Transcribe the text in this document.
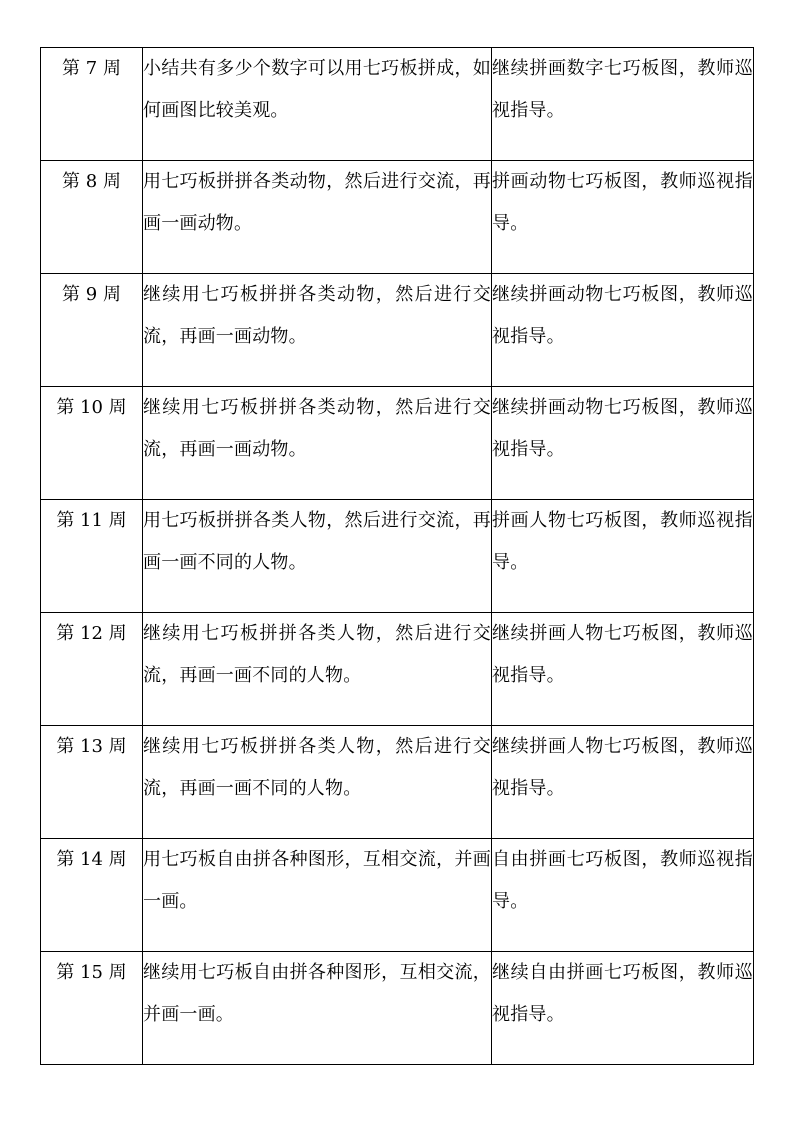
第 7 周	小结共有多少个数字可以用七巧板拼成，如何画图比较美观。	继续拼画数字七巧板图，教师巡视指导。
第 8 周	用七巧板拼拼各类动物，然后进行交流，再画一画动物。	拼画动物七巧板图，教师巡视指导。
第 9 周	继续用七巧板拼拼各类动物，然后进行交流，再画一画动物。	继续拼画动物七巧板图，教师巡视指导。
第 10 周	继续用七巧板拼拼各类动物，然后进行交流，再画一画动物。	继续拼画动物七巧板图，教师巡视指导。
第 11 周	用七巧板拼拼各类人物，然后进行交流，再画一画不同的人物。	拼画人物七巧板图，教师巡视指导。
第 12 周	继续用七巧板拼拼各类人物，然后进行交流，再画一画不同的人物。	继续拼画人物七巧板图，教师巡视指导。
第 13 周	继续用七巧板拼拼各类人物，然后进行交流，再画一画不同的人物。	继续拼画人物七巧板图，教师巡视指导。
第 14 周	用七巧板自由拼各种图形，互相交流，并画一画。	自由拼画七巧板图，教师巡视指导。
第 15 周	继续用七巧板自由拼各种图形，互相交流，并画一画。	继续自由拼画七巧板图，教师巡视指导。
